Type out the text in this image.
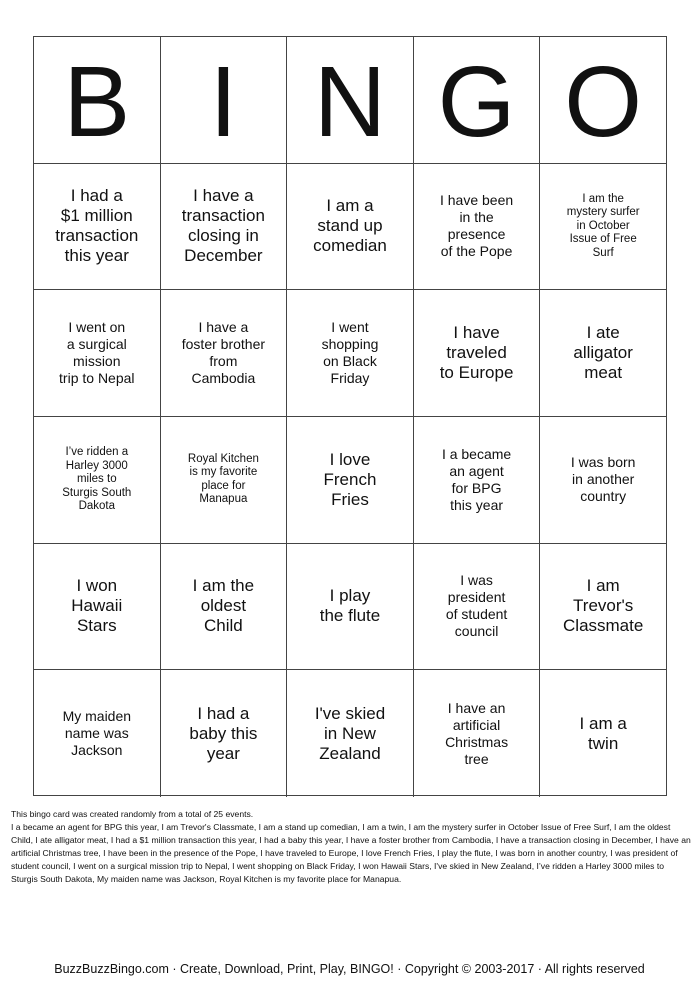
B I N G O
I had a
$1 million
transaction
this year
I have a
transaction
closing in
December
I am a
stand up
comedian
I have been
in the
presence
of the Pope
I am the
mystery surfer
in October
Issue of Free
Surf
I went on
a surgical
mission
trip to Nepal
I have a
foster brother
from
Cambodia
I went
shopping
on Black
Friday
I have
traveled
to Europe
I ate
alligator
meat
I’ve ridden a
Harley 3000
miles to
Sturgis South
Dakota
Royal Kitchen
is my favorite
place for
Manapua
I love
French
Fries
I a became
an agent
for BPG
this year
I was born
in another
country
I won
Hawaii
Stars
I am the
oldest
Child
I play
the flute
I was
president
of student
council
I am
Trevor's
Classmate
My maiden
name was
Jackson
I had a
baby this
year
I've skied
in New
Zealand
I have an
artificial
Christmas
tree
I am a
twin

This bingo card was created randomly from a total of 25 events.

I a became an agent for BPG this year, I am Trevor's Classmate, I am a stand up comedian, I am a twin, I am the mystery surfer in October Issue of Free Surf, I am the oldest Child, I ate alligator meat, I had a $1 million transaction this year, I had a baby this year, I have a foster brother from Cambodia, I have a transaction closing in December, I have an artificial Christmas tree, I have been in the presence of the Pope, I have traveled to Europe, I love French Fries, I play the flute, I was born in another country, I was president of student council, I went on a surgical mission trip to Nepal, I went shopping on Black Friday, I won Hawaii Stars, I've skied in New Zealand, I’ve ridden a Harley 3000 miles to Sturgis South Dakota, My maiden name was Jackson, Royal Kitchen is my favorite place for Manapua.

BuzzBuzzBingo.com · Create, Download, Print, Play, BINGO! · Copyright © 2003-2017 · All rights reserved
